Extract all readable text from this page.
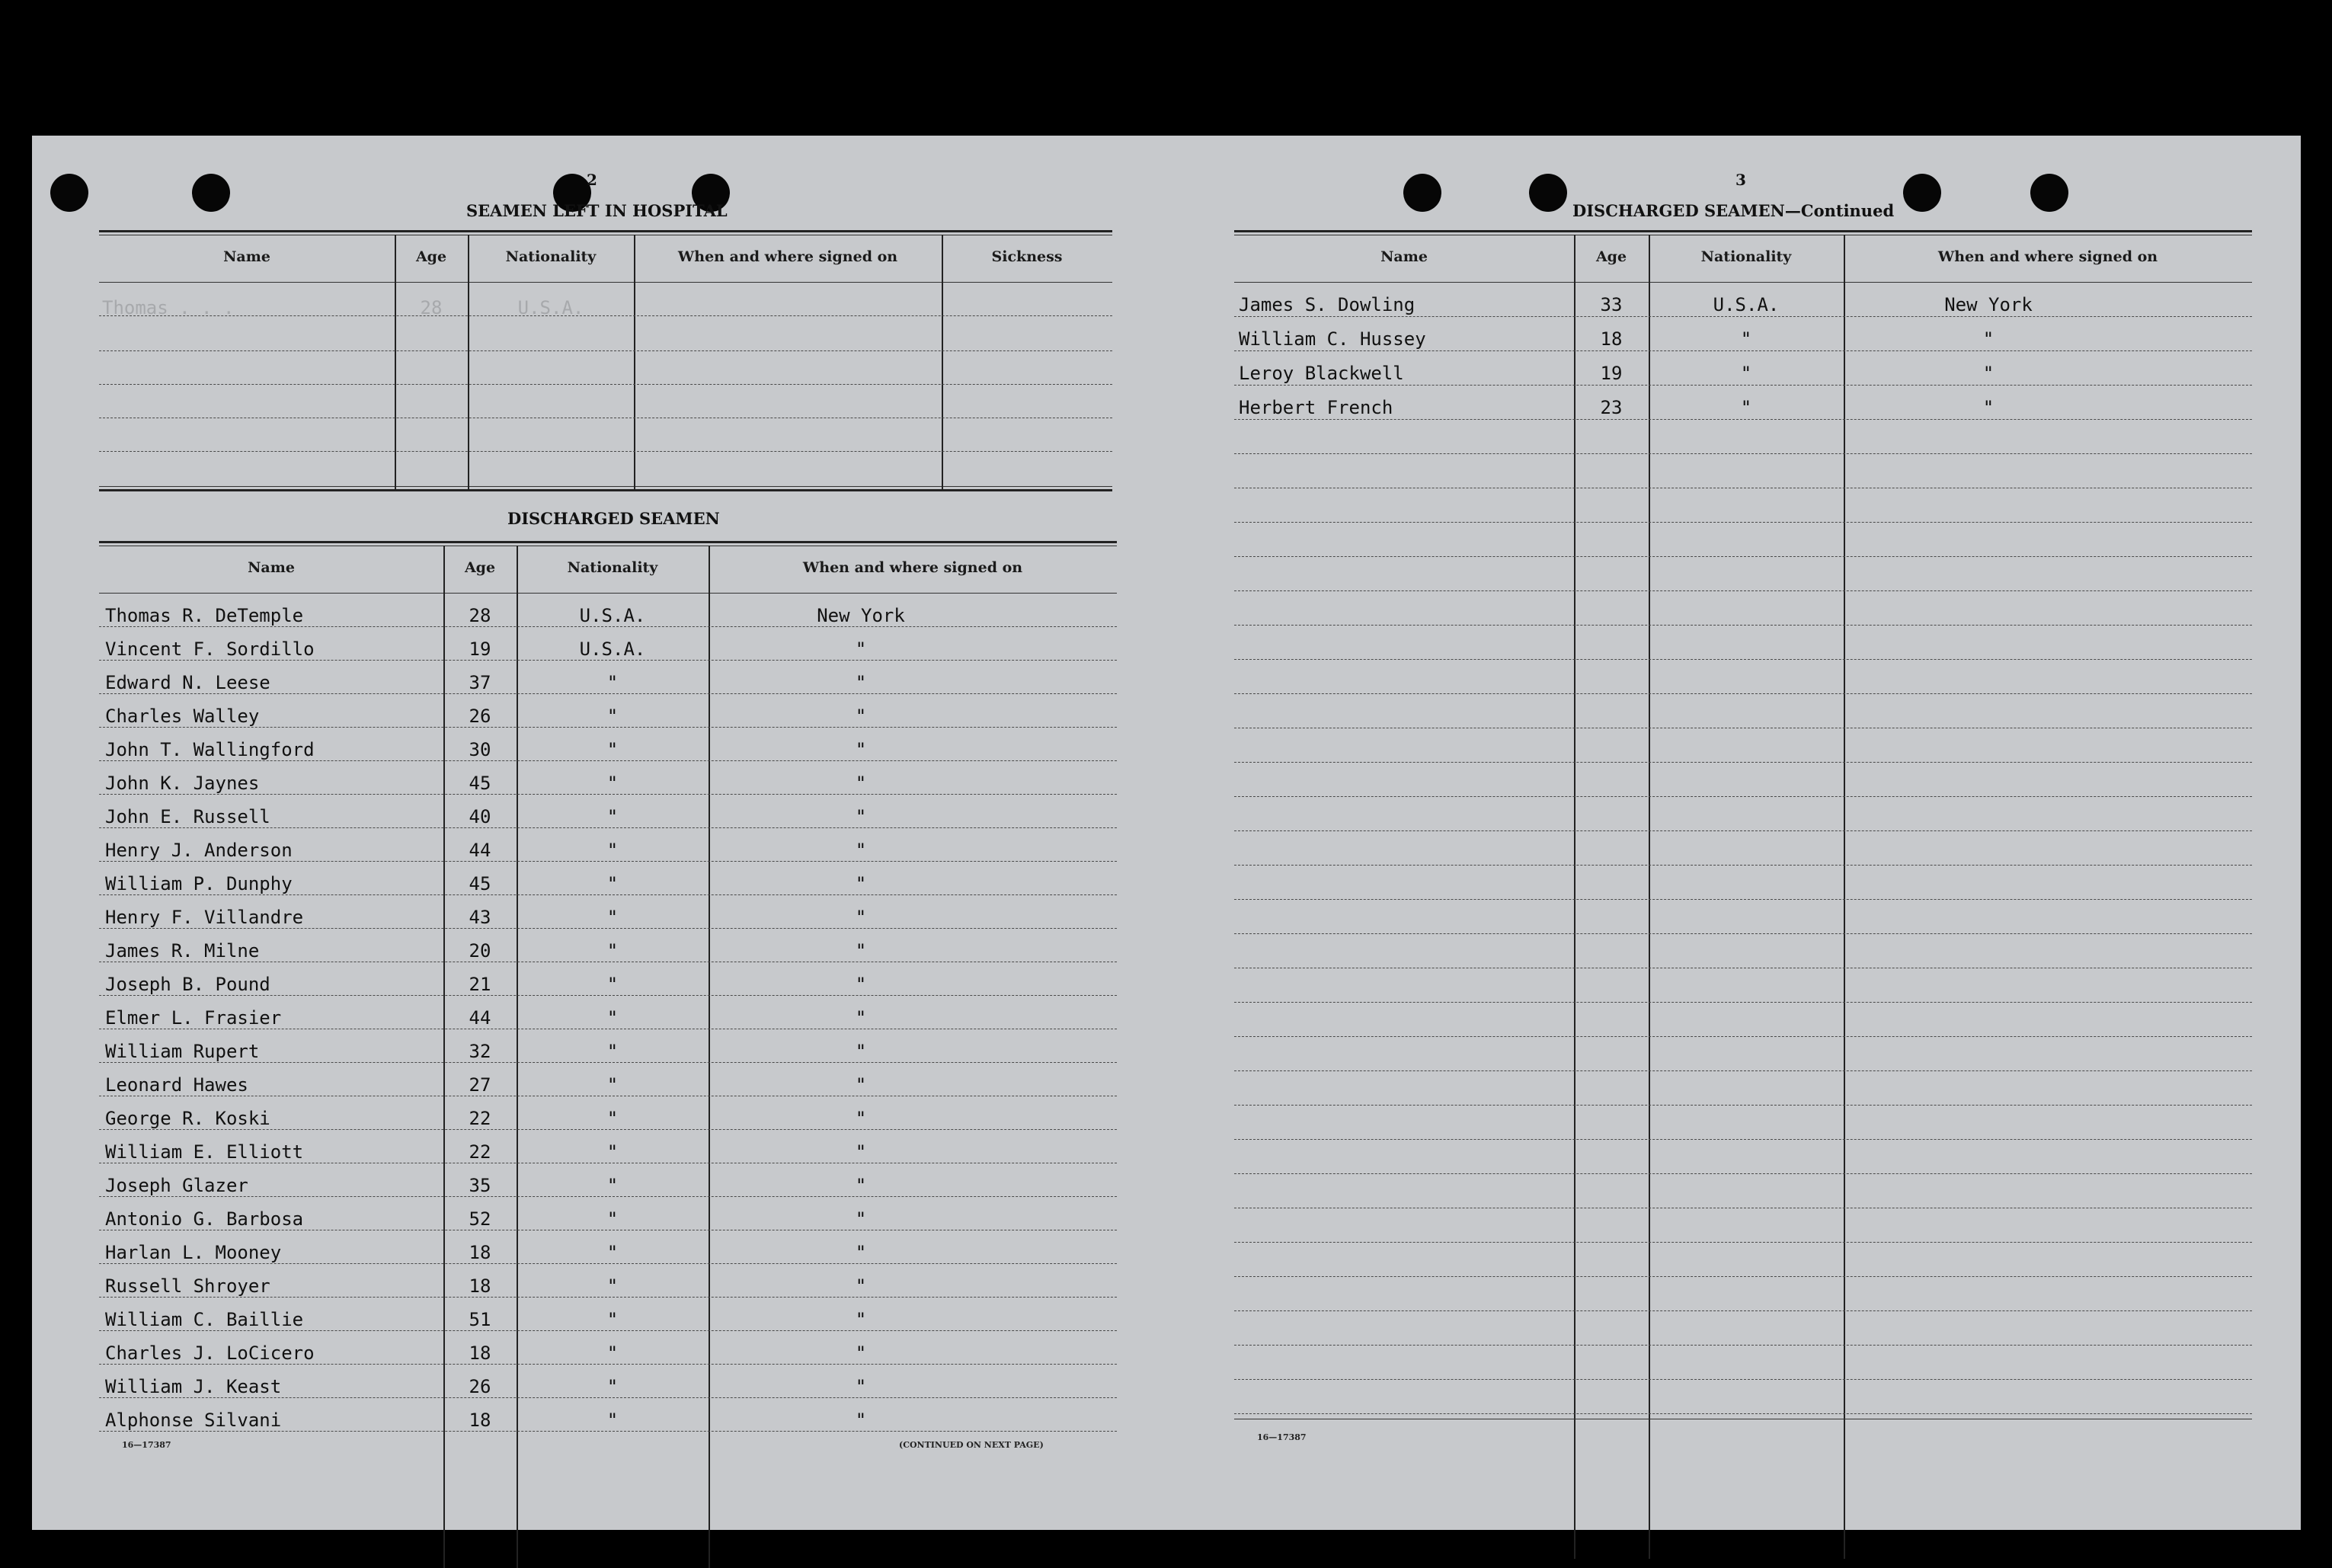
2
SEAMEN LEFT IN HOSPITAL
Name	Age	Nationality	When and where signed on	Sickness
Thomas . . .	28	U.S.A.
DISCHARGED SEAMEN
Name	Age	Nationality	When and where signed on
Thomas R. DeTemple	28	U.S.A.	New York
Vincent F. Sordillo	19	U.S.A.	"
Edward N. Leese	37	"	"
Charles Walley	26	"	"
John T. Wallingford	30	"	"
John K. Jaynes	45	"	"
John E. Russell	40	"	"
Henry J. Anderson	44	"	"
William P. Dunphy	45	"	"
Henry F. Villandre	43	"	"
James R. Milne	20	"	"
Joseph B. Pound	21	"	"
Elmer L. Frasier	44	"	"
William Rupert	32	"	"
Leonard Hawes	27	"	"
George R. Koski	22	"	"
William E. Elliott	22	"	"
Joseph Glazer	35	"	"
Antonio G. Barbosa	52	"	"
Harlan L. Mooney	18	"	"
Russell Shroyer	18	"	"
William C. Baillie	51	"	"
Charles J. LoCicero	18	"	"
William J. Keast	26	"	"
Alphonse Silvani	18	"	"
16—17387	(CONTINUED ON NEXT PAGE)
3
DISCHARGED SEAMEN—Continued
Name	Age	Nationality	When and where signed on
James S. Dowling	33	U.S.A.	New York
William C. Hussey	18	"	"
Leroy Blackwell	19	"	"
Herbert French	23	"	"
16—17387
